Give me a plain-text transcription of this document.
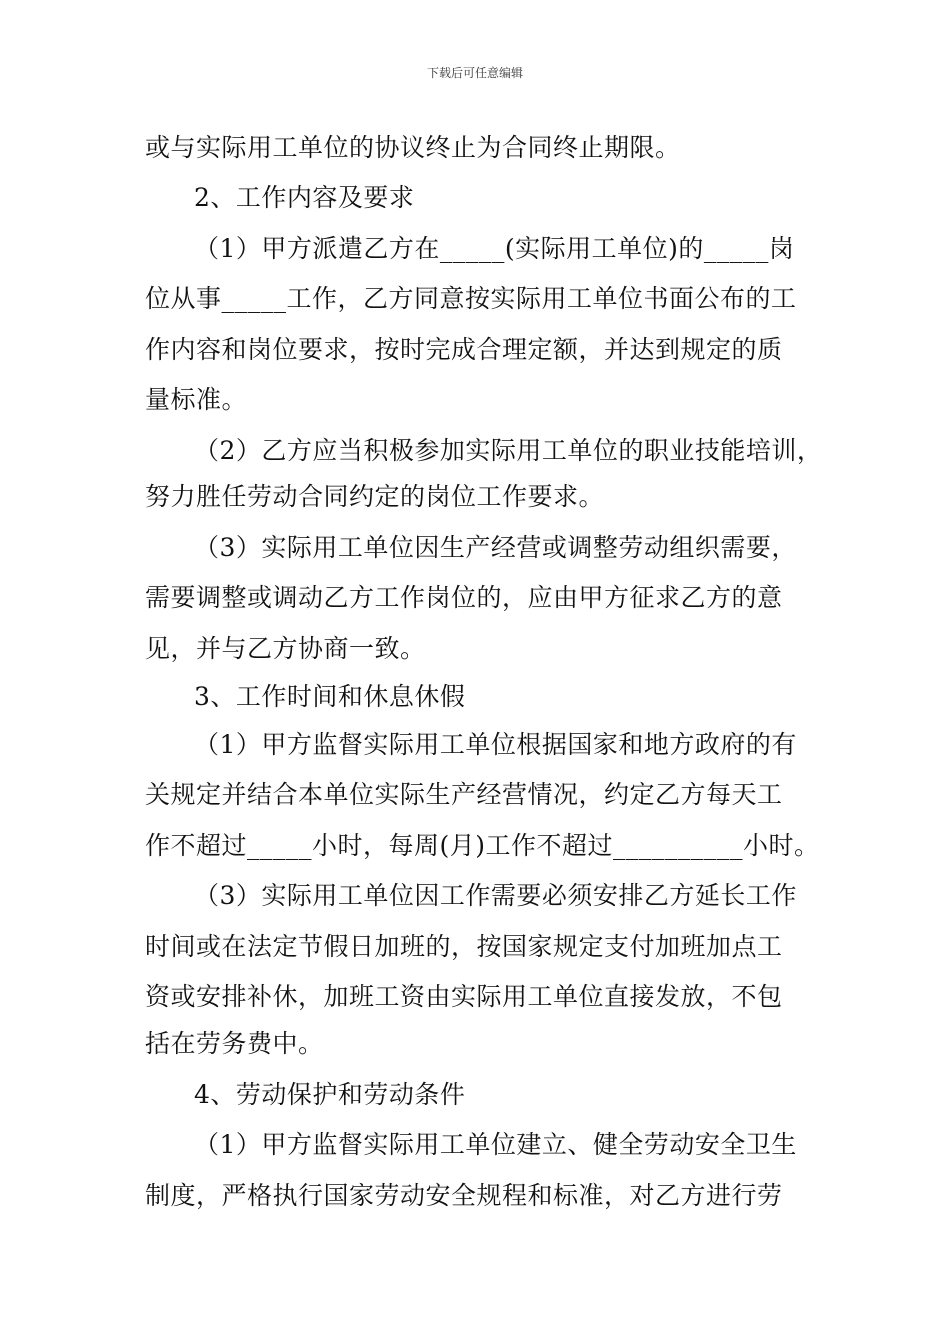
下载后可任意编辑
或与实际用工单位的协议终止为合同终止期限。
2、工作内容及要求
（1）甲方派遣乙方在_____(实际用工单位)的_____岗
位从事_____工作，乙方同意按实际用工单位书面公布的工
作内容和岗位要求，按时完成合理定额，并达到规定的质
量标准。
（2）乙方应当积极参加实际用工单位的职业技能培训，
努力胜任劳动合同约定的岗位工作要求。
（3）实际用工单位因生产经营或调整劳动组织需要，
需要调整或调动乙方工作岗位的，应由甲方征求乙方的意
见，并与乙方协商一致。
3、工作时间和休息休假
（1）甲方监督实际用工单位根据国家和地方政府的有
关规定并结合本单位实际生产经营情况，约定乙方每天工
作不超过_____小时，每周(月)工作不超过__________小时。
（3）实际用工单位因工作需要必须安排乙方延长工作
时间或在法定节假日加班的，按国家规定支付加班加点工
资或安排补休，加班工资由实际用工单位直接发放，不包
括在劳务费中。
4、劳动保护和劳动条件
（1）甲方监督实际用工单位建立、健全劳动安全卫生
制度，严格执行国家劳动安全规程和标准，对乙方进行劳
